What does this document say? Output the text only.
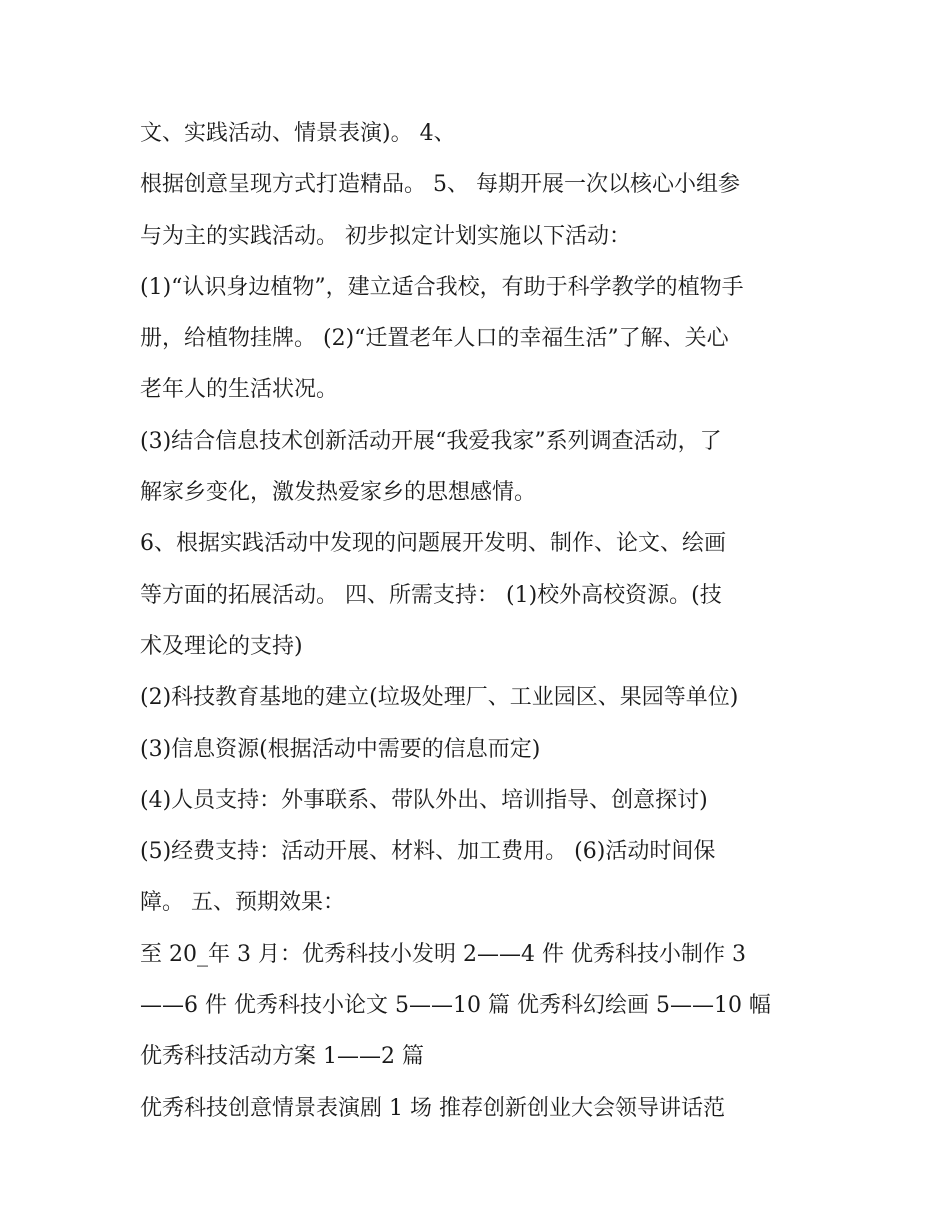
文、实践活动、情景表演)。 4、
根据创意呈现方式打造精品。 5、 每期开展一次以核心小组参
与为主的实践活动。 初步拟定计划实施以下活动：
(1)“认识身边植物”，建立适合我校，有助于科学教学的植物手
册，给植物挂牌。 (2)“迁置老年人口的幸福生活”了解、关心
老年人的生活状况。
(3)结合信息技术创新活动开展“我爱我家”系列调查活动，了
解家乡变化，激发热爱家乡的思想感情。
6、根据实践活动中发现的问题展开发明、制作、论文、绘画
等方面的拓展活动。 四、所需支持： (1)校外高校资源。(技
术及理论的支持)
(2)科技教育基地的建立(垃圾处理厂、工业园区、果园等单位)
(3)信息资源(根据活动中需要的信息而定)
(4)人员支持：外事联系、带队外出、培训指导、创意探讨)
(5)经费支持：活动开展、材料、加工费用。 (6)活动时间保
障。 五、预期效果：
至 20_年 3 月：优秀科技小发明 2——4 件 优秀科技小制作 3
——6 件 优秀科技小论文 5——10 篇 优秀科幻绘画 5——10 幅
优秀科技活动方案 1——2 篇
优秀科技创意情景表演剧 1 场 推荐创新创业大会领导讲话范
